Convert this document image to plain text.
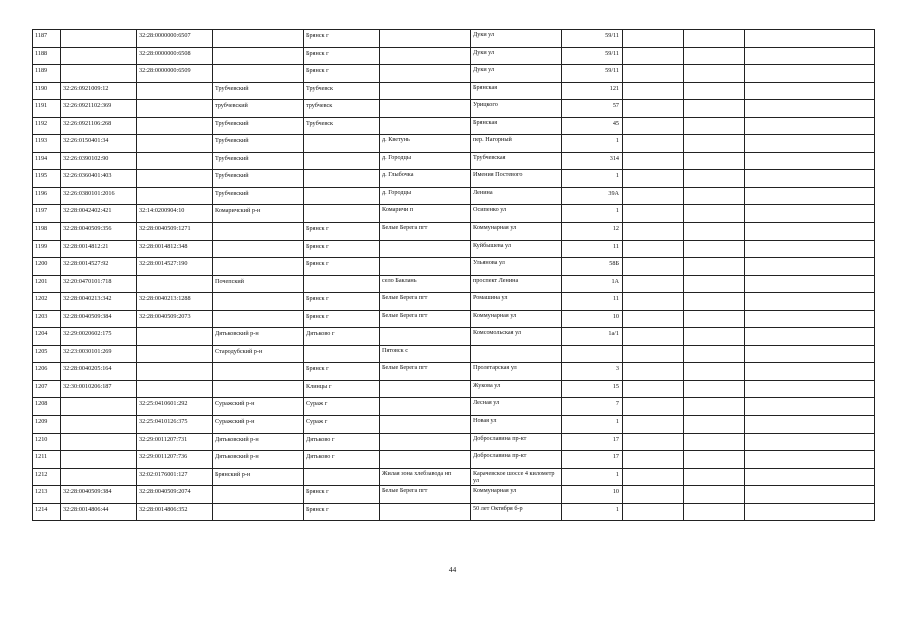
1187		32:28:0000000:6507		Брянск г		Дуки ул	59/11			
1188		32:28:0000000:6508		Брянск г		Дуки ул	59/11			
1189		32:28:0000000:6509		Брянск г		Дуки ул	59/11			
1190	32:26:0921009:12		Трубчевский	Трубчевск		Брянская	121			
1191	32:26:0921102:369		трубчевский	трубчевск		Урицкого	57			
1192	32:26:0921106:268		Трубчевский	Трубчевск		Брянская	45			
1193	32:26:0150401:34		Трубчевский		д. Кветунь	пер. Нагорный	1			
1194	32:26:0390102:90		Трубчевский		д. Городцы	Трубчевская	314			
1195	32:26:0360401:403		Трубчевский		д. Глыбочка	Имения Постевого	1			
1196	32:26:0380101:2016		Трубчевский		д. Городцы	Ленина	39А			
1197	32:28:0042402:421	32:14:0200904:10	Комаричский р-н		Комаричи п	Осипенко ул	1			
1198	32:28:0040509:356	32:28:0040509:1271		Брянск г	Белые Берега пгт	Коммунарная ул	12			
1199	32:28:0014812:21	32:28:0014812:348		Брянск г		Куйбышева ул	11			
1200	32:28:0014527:92	32:28:0014527:190		Брянск г		Ульянова ул	58Б			
1201	32:20:0470101:718		Почепский		село Баклань	проспект Ленина	1А			
1202	32:28:0040213:342	32:28:0040213:1288		Брянск г	Белые Берега пгт	Ромашина ул	11			
1203	32:28:0040509:384	32:28:0040509:2073		Брянск г	Белые Берега пгт	Коммунарная ул	10			
1204	32:29:0020602:175		Дятьковский р-н	Дятьково г		Комсомольская ул	1а/1			
1205	32:23:0030101:269		Стародубский р-н		Пятовск с					
1206	32:28:0040205:164			Брянск г	Белые Берега пгт	Пролетарская ул	3			
1207	32:30:0010206:187			Клинцы г		Жукова ул	15			
1208		32:25:0410601:292	Суражский р-н	Сураж г		Лесная ул	7			
1209		32:25:0410126:375	Суражский р-н	Сураж г		Новая ул	1			
1210		32:29:0011207:731	Дятьковский р-н	Дятьково г		Доброславина пр-кт	17			
1211		32:29:0011207:736	Дятьковский р-н	Дятьково г		Доброславина пр-кт	17			
1212		32:02:0176001:127	Брянский р-н		Жилая зона хлебзавода нп	Карачевское шоссе 4 километр ул	1			
1213	32:28:0040509:384	32:28:0040509:2074		Брянск г	Белые Берега пгт	Коммунарная ул	10			
1214	32:28:0014806:44	32:28:0014806:352		Брянск г		50 лет Октября б-р	1			
44
